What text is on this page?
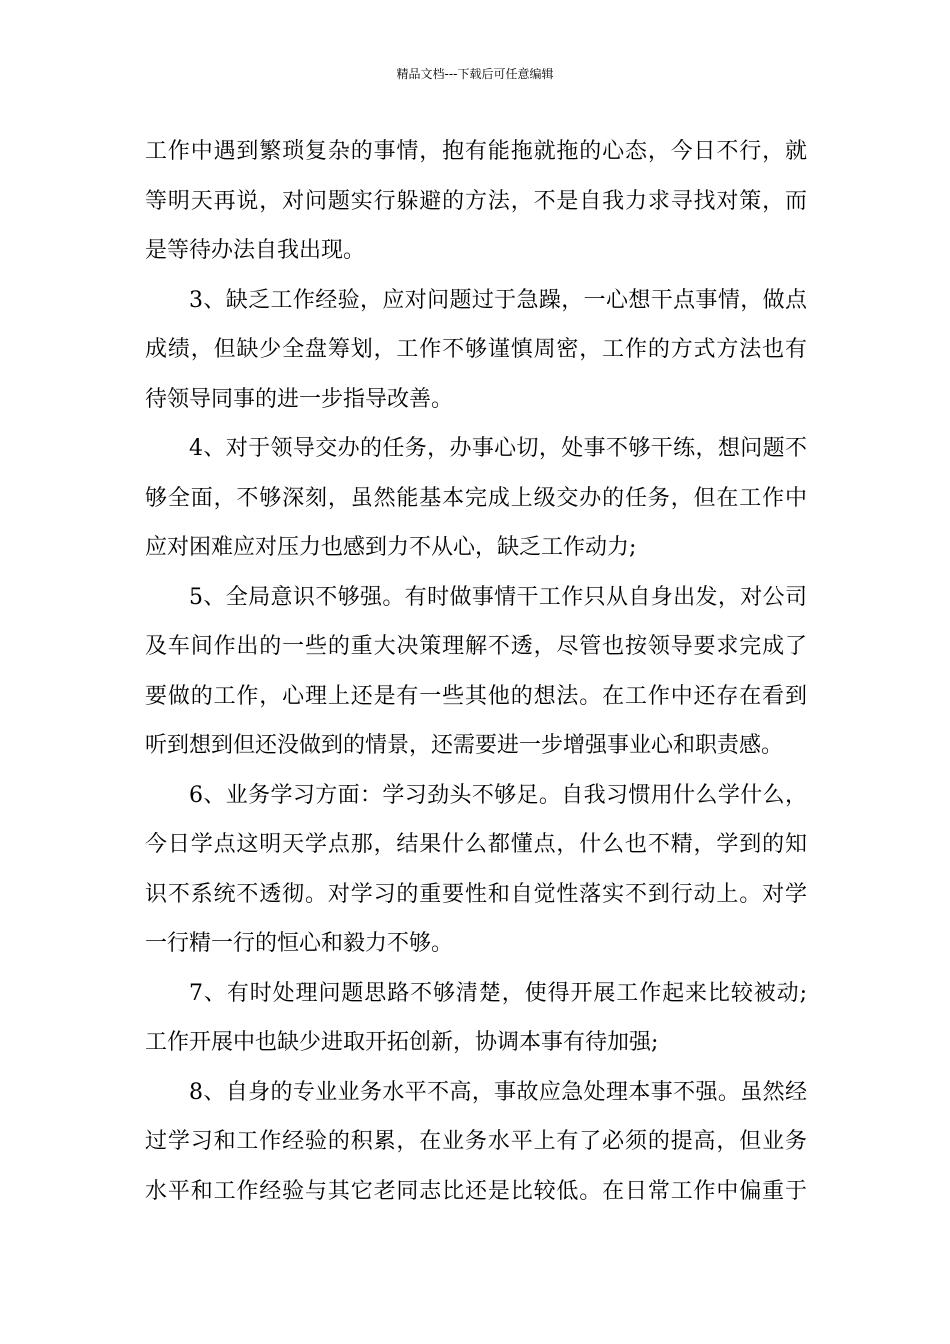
精品文档---下载后可任意编辑
工作中遇到繁琐复杂的事情，抱有能拖就拖的心态，今日不行，就
等明天再说，对问题实行躲避的方法，不是自我力求寻找对策，而
是等待办法自我出现。
3、缺乏工作经验，应对问题过于急躁，一心想干点事情，做点
成绩，但缺少全盘筹划，工作不够谨慎周密，工作的方式方法也有
待领导同事的进一步指导改善。
4、对于领导交办的任务，办事心切，处事不够干练，想问题不
够全面，不够深刻，虽然能基本完成上级交办的任务，但在工作中
应对困难应对压力也感到力不从心，缺乏工作动力;
5、全局意识不够强。有时做事情干工作只从自身出发，对公司
及车间作出的一些的重大决策理解不透，尽管也按领导要求完成了
要做的工作，心理上还是有一些其他的想法。在工作中还存在看到
听到想到但还没做到的情景，还需要进一步增强事业心和职责感。
6、业务学习方面：学习劲头不够足。自我习惯用什么学什么，
今日学点这明天学点那，结果什么都懂点，什么也不精，学到的知
识不系统不透彻。对学习的重要性和自觉性落实不到行动上。对学
一行精一行的恒心和毅力不够。
7、有时处理问题思路不够清楚，使得开展工作起来比较被动;
工作开展中也缺少进取开拓创新，协调本事有待加强;
8、自身的专业业务水平不高，事故应急处理本事不强。虽然经
过学习和工作经验的积累，在业务水平上有了必须的提高，但业务
水平和工作经验与其它老同志比还是比较低。在日常工作中偏重于
